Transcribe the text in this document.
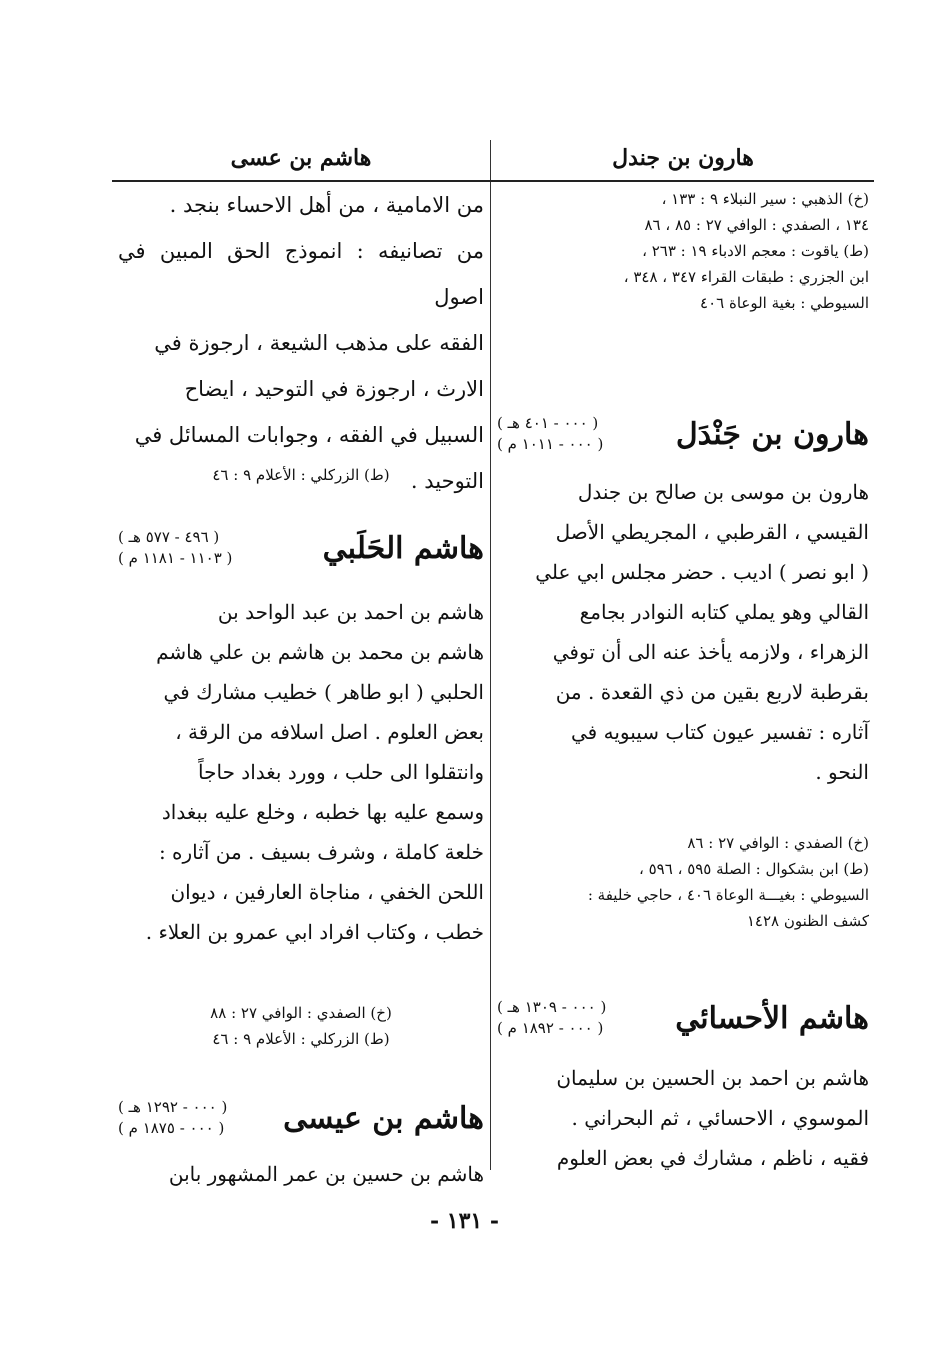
هارون بن جندل
(خ) الذهبي : سير النبلاء ٩ : ١٣٣ ،
١٣٤ ، الصفدي : الوافي ٢٧ : ٨٥ ، ٨٦
(ط) ياقوت : معجم الادباء ١٩ : ٢٦٣ ،
ابن الجزري : طبقات القراء ٣٤٧ ، ٣٤٨ ،
السيوطي : بغية الوعاة ٤٠٦
هارون بن جَنْدَل
( ٠٠٠ - ٤٠١ هـ )
( ٠٠٠ - ١٠١١ م )
هارون بن موسى بن صالح بن جندل
القيسي ، القرطبي ، المجريطي الأصل
( ابو نصر ) اديب . حضر مجلس ابي علي
القالي وهو يملي كتابه النوادر بجامع
الزهراء ، ولازمه يأخذ عنه الى أن توفي
بقرطبة لاربع بقين من ذي القعدة . من
آثاره : تفسير عيون كتاب سيبويه في
النحو .
(خ) الصفدي : الوافي ٢٧ : ٨٦
(ط) ابن بشكوال : الصلة ٥٩٥ ، ٥٩٦ ،
السيوطي : بغيـــة الوعاة ٤٠٦ ، حاجي خليفة :
كشف الظنون ١٤٢٨
هاشم الأحسائي
( ٠٠٠ - ١٣٠٩ هـ )
( ٠٠٠ - ١٨٩٢ م )
هاشم بن احمد بن الحسين بن سليمان
الموسوي ، الاحسائي ، ثم البحراني .
فقيه ، ناظم ، مشارك في بعض العلوم
هاشم بن عسى
من الامامية ، من أهل الاحساء بنجد .
من تصانيفه : انموذج الحق المبين في اصول
الفقه على مذهب الشيعة ، ارجوزة في
الارث ، ارجوزة في التوحيد ، ايضاح
السبيل في الفقه ، وجوابات المسائل في
التوحيد .
(ط) الزركلي : الأعلام ٩ : ٤٦
هاشم الحَلَبي
( ٤٩٦ - ٥٧٧ هـ )
( ١١٠٣ - ١١٨١ م )
هاشم بن احمد بن عبد الواحد بن
هاشم بن محمد بن هاشم بن علي هاشم
الحلبي ( ابو طاهر ) خطيب مشارك في
بعض العلوم . اصل اسلافه من الرقة ،
وانتقلوا الى حلب ، وورد بغداد حاجاً
وسمع عليه بها خطبه ، وخلع عليه ببغداد
خلعة كاملة ، وشرف بسيف . من آثاره :
اللحن الخفي ، مناجاة العارفين ، ديوان
خطب ، وكتاب افراد ابي عمرو بن العلاء .
(خ) الصفدي : الوافي ٢٧ : ٨٨
(ط) الزركلي : الأعلام ٩ : ٤٦
هاشم بن عيسى
( ٠٠٠ - ١٢٩٢ هـ )
( ٠٠٠ - ١٨٧٥ م )
هاشم بن حسين بن عمر المشهور بابن
- ١٣١ -
